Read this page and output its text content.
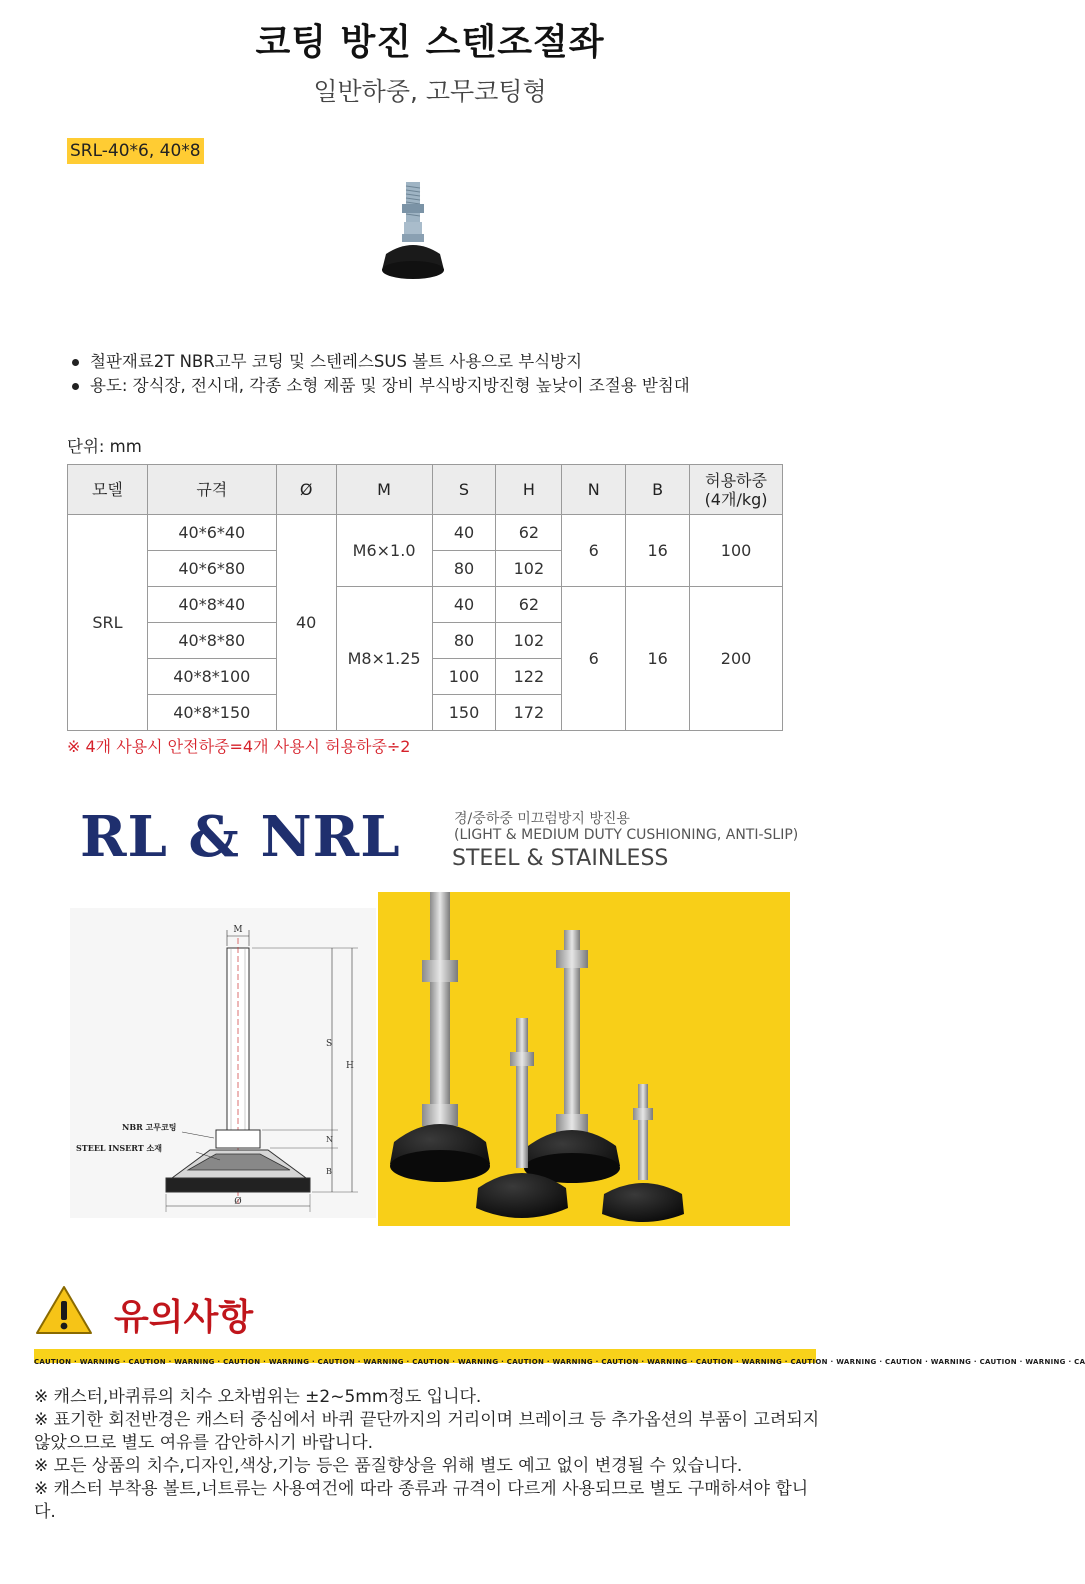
코팅 방진 스텐조절좌
일반하중, 고무코팅형
SRL-40*6, 40*8
철판재료2T NBR고무 코팅 및 스텐레스SUS 볼트 사용으로 부식방지
용도: 장식장, 전시대, 각종 소형 제품 및 장비 부식방지방진형 높낮이 조절용 받침대
단위: mm
모델	규격	Ø	M	S	H	N	B	허용하중
(4개/kg)

SRL	40*6*40	40	M6×1.0	40	62	6	16	100
	40*6*80			80	102			
	40*8*40		M8×1.25	40	62	6	16	200
	40*8*80			80	102			
	40*8*100			100	122			
	40*8*150			150	172			
※ 4개 사용시 안전하중=4개 사용시 허용하중÷2
RL & NRL	경/중하중 미끄럼방지 방진용
(LIGHT & MEDIUM DUTY CUSHIONING, ANTI-SLIP)
STEEL & STAINLESS
M
S
N
B
H
Ø
NBR 고무코팅
STEEL INSERT 소재
유의사항
CAUTION · WARNING · CAUTION · WARNING · CAUTION · WARNING · CAUTION · WARNING · CAUTION · WARNING · CAUTION · WARNING · CAUTION · WARNING · CAUTION · WARNING · CAUTION · WARNING · CAUTION · WARNING · CAUTION · WARNING · CA

※ 캐스터,바퀴류의 치수 오차범위는 ±2~5mm정도 입니다.

※ 표기한 회전반경은 캐스터 중심에서 바퀴 끝단까지의 거리이며 브레이크 등 추가옵션의 부품이 고려되지 않았으므로 별도 여유를 감안하시기 바랍니다.

※ 모든 상품의 치수,디자인,색상,기능 등은 품질향상을 위해 별도 예고 없이 변경될 수 있습니다.

※ 캐스터 부착용 볼트,너트류는 사용여건에 따라 종류과 규격이 다르게 사용되므로 별도 구매하셔야 합니다.
